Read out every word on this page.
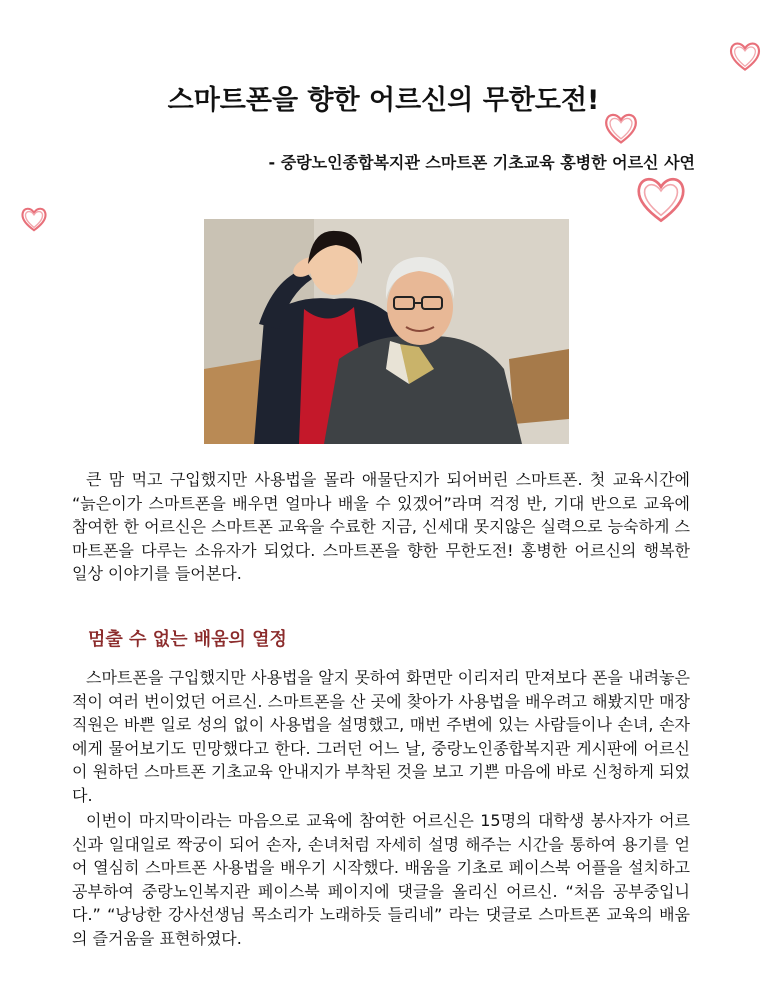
스마트폰을 향한 어르신의 무한도전!

- 중랑노인종합복지관 스마트폰 기초교육 홍병한 어르신 사연

큰 맘 먹고 구입했지만 사용법을 몰라 애물단지가 되어버린 스마트폰. 첫 교육시간에 “늙은이가 스마트폰을 배우면 얼마나 배울 수 있겠어”라며 걱정 반, 기대 반으로 교육에 참여한 한 어르신은 스마트폰 교육을 수료한 지금, 신세대 못지않은 실력으로 능숙하게 스마트폰을 다루는 소유자가 되었다. 스마트폰을 향한 무한도전! 홍병한 어르신의 행복한 일상 이야기를 들어본다.

멈출 수 없는 배움의 열정

스마트폰을 구입했지만 사용법을 알지 못하여 화면만 이리저리 만져보다 폰을 내려놓은 적이 여러 번이었던 어르신. 스마트폰을 산 곳에 찾아가 사용법을 배우려고 해봤지만 매장 직원은 바쁜 일로 성의 없이 사용법을 설명했고, 매번 주변에 있는 사람들이나 손녀, 손자에게 물어보기도 민망했다고 한다. 그러던 어느 날, 중랑노인종합복지관 게시판에 어르신이 원하던 스마트폰 기초교육 안내지가 부착된 것을 보고 기쁜 마음에 바로 신청하게 되었다.

이번이 마지막이라는 마음으로 교육에 참여한 어르신은 15명의 대학생 봉사자가 어르신과 일대일로 짝궁이 되어 손자, 손녀처럼 자세히 설명 해주는 시간을 통하여 용기를 얻어 열심히 스마트폰 사용법을 배우기 시작했다. 배움을 기초로 페이스북 어플을 설치하고 공부하여 중랑노인복지관 페이스북 페이지에 댓글을 올리신 어르신. “처음 공부중입니다.” “낭낭한 강사선생님 목소리가 노래하듯 들리네” 라는 댓글로 스마트폰 교육의 배움의 즐거움을 표현하였다.
